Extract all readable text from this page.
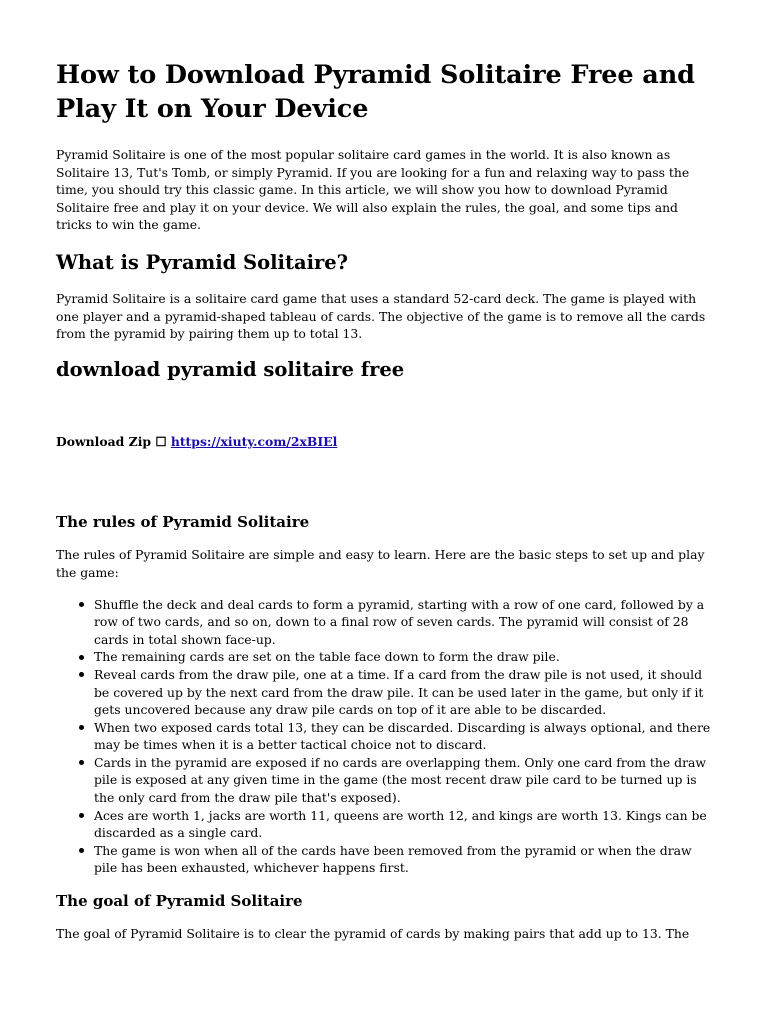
How to Download Pyramid Solitaire Free and Play It on Your Device

Pyramid Solitaire is one of the most popular solitaire card games in the world. It is also known as Solitaire 13, Tut's Tomb, or simply Pyramid. If you are looking for a fun and relaxing way to pass the time, you should try this classic game. In this article, we will show you how to download Pyramid Solitaire free and play it on your device. We will also explain the rules, the goal, and some tips and tricks to win the game.

What is Pyramid Solitaire?

Pyramid Solitaire is a solitaire card game that uses a standard 52-card deck. The game is played with one player and a pyramid-shaped tableau of cards. The objective of the game is to remove all the cards from the pyramid by pairing them up to total 13.

download pyramid solitaire free
Download Zip ☐ https://xiuty.com/2xBIEl
The rules of Pyramid Solitaire

The rules of Pyramid Solitaire are simple and easy to learn. Here are the basic steps to set up and play the game:

Shuffle the deck and deal cards to form a pyramid, starting with a row of one card, followed by a row of two cards, and so on, down to a final row of seven cards. The pyramid will consist of 28 cards in total shown face-up.
The remaining cards are set on the table face down to form the draw pile.
Reveal cards from the draw pile, one at a time. If a card from the draw pile is not used, it should be covered up by the next card from the draw pile. It can be used later in the game, but only if it gets uncovered because any draw pile cards on top of it are able to be discarded.
When two exposed cards total 13, they can be discarded. Discarding is always optional, and there may be times when it is a better tactical choice not to discard.
Cards in the pyramid are exposed if no cards are overlapping them. Only one card from the draw pile is exposed at any given time in the game (the most recent draw pile card to be turned up is the only card from the draw pile that's exposed).
Aces are worth 1, jacks are worth 11, queens are worth 12, and kings are worth 13. Kings can be discarded as a single card.
The game is won when all of the cards have been removed from the pyramid or when the draw pile has been exhausted, whichever happens first.
The goal of Pyramid Solitaire

The goal of Pyramid Solitaire is to clear the pyramid of cards by making pairs that add up to 13. The
